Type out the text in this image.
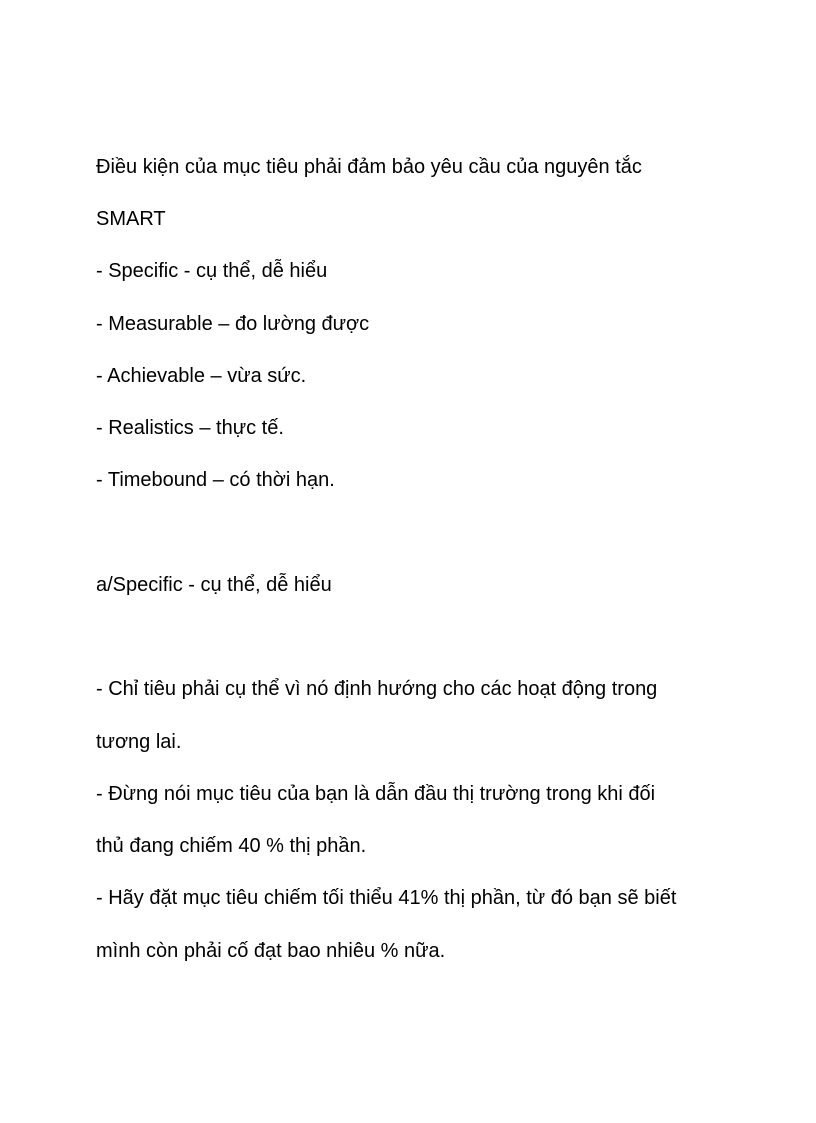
Điều kiện của mục tiêu phải đảm bảo yêu cầu của nguyên tắc
SMART
- Specific - cụ thể, dễ hiểu
- Measurable – đo lường được
- Achievable – vừa sức.
- Realistics – thực tế.
- Timebound – có thời hạn.
a/Specific - cụ thể, dễ hiểu
- Chỉ tiêu phải cụ thể vì nó định hướng cho các hoạt động trong
tương lai.
- Đừng nói mục tiêu của bạn là dẫn đầu thị trường trong khi đối
thủ đang chiếm 40 % thị phần.
- Hãy đặt mục tiêu chiếm tối thiểu 41% thị phần, từ đó bạn sẽ biết
mình còn phải cố đạt bao nhiêu % nữa.
